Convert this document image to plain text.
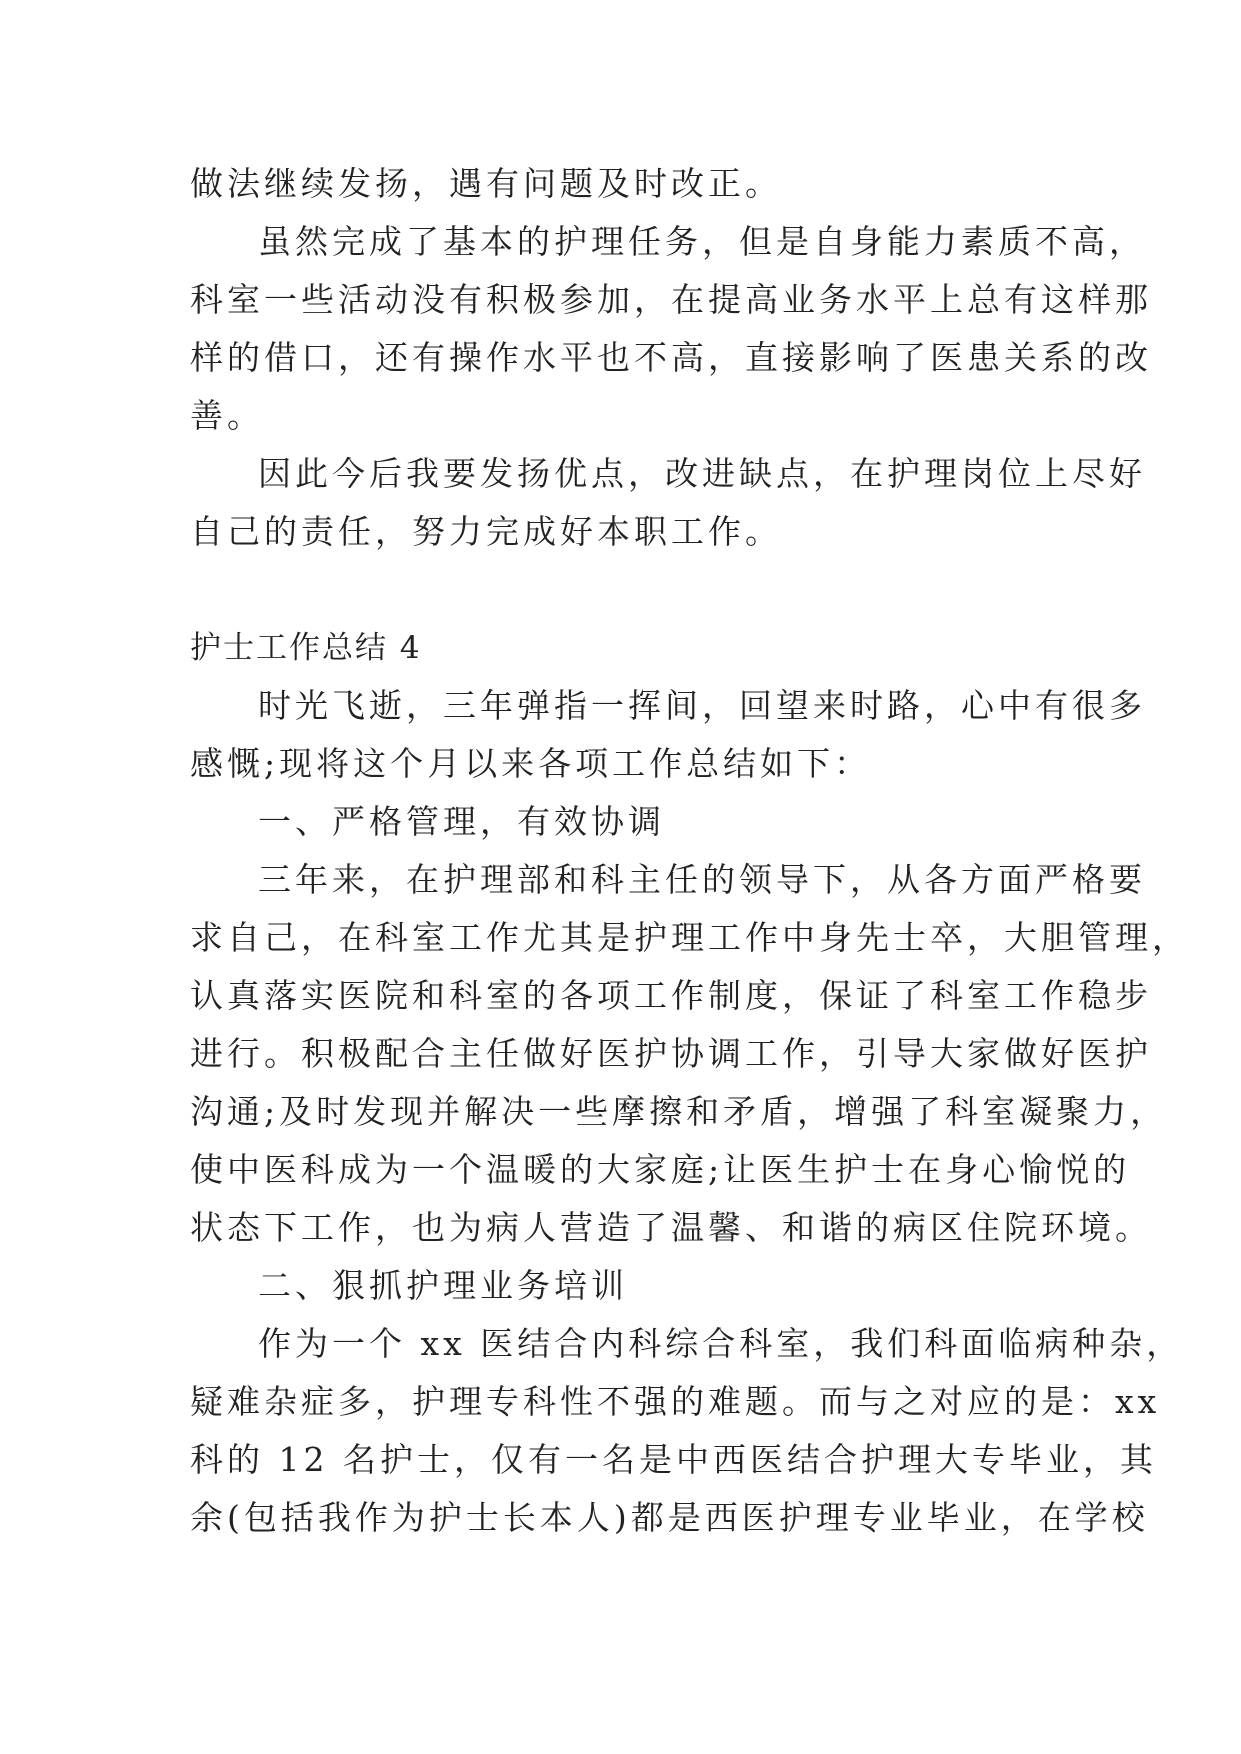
做法继续发扬，遇有问题及时改正。
虽然完成了基本的护理任务，但是自身能力素质不高，
科室一些活动没有积极参加，在提高业务水平上总有这样那
样的借口，还有操作水平也不高，直接影响了医患关系的改
善。
因此今后我要发扬优点，改进缺点，在护理岗位上尽好
自己的责任，努力完成好本职工作。
护士工作总结 4
时光飞逝，三年弹指一挥间，回望来时路，心中有很多
感慨;现将这个月以来各项工作总结如下：
一、严格管理，有效协调
三年来，在护理部和科主任的领导下，从各方面严格要
求自己，在科室工作尤其是护理工作中身先士卒，大胆管理，
认真落实医院和科室的各项工作制度，保证了科室工作稳步
进行。积极配合主任做好医护协调工作，引导大家做好医护
沟通;及时发现并解决一些摩擦和矛盾，增强了科室凝聚力，
使中医科成为一个温暖的大家庭;让医生护士在身心愉悦的
状态下工作，也为病人营造了温馨、和谐的病区住院环境。
二、狠抓护理业务培训
作为一个 xx 医结合内科综合科室，我们科面临病种杂，
疑难杂症多，护理专科性不强的难题。而与之对应的是：xx
科的 12 名护士，仅有一名是中西医结合护理大专毕业，其
余(包括我作为护士长本人)都是西医护理专业毕业，在学校
